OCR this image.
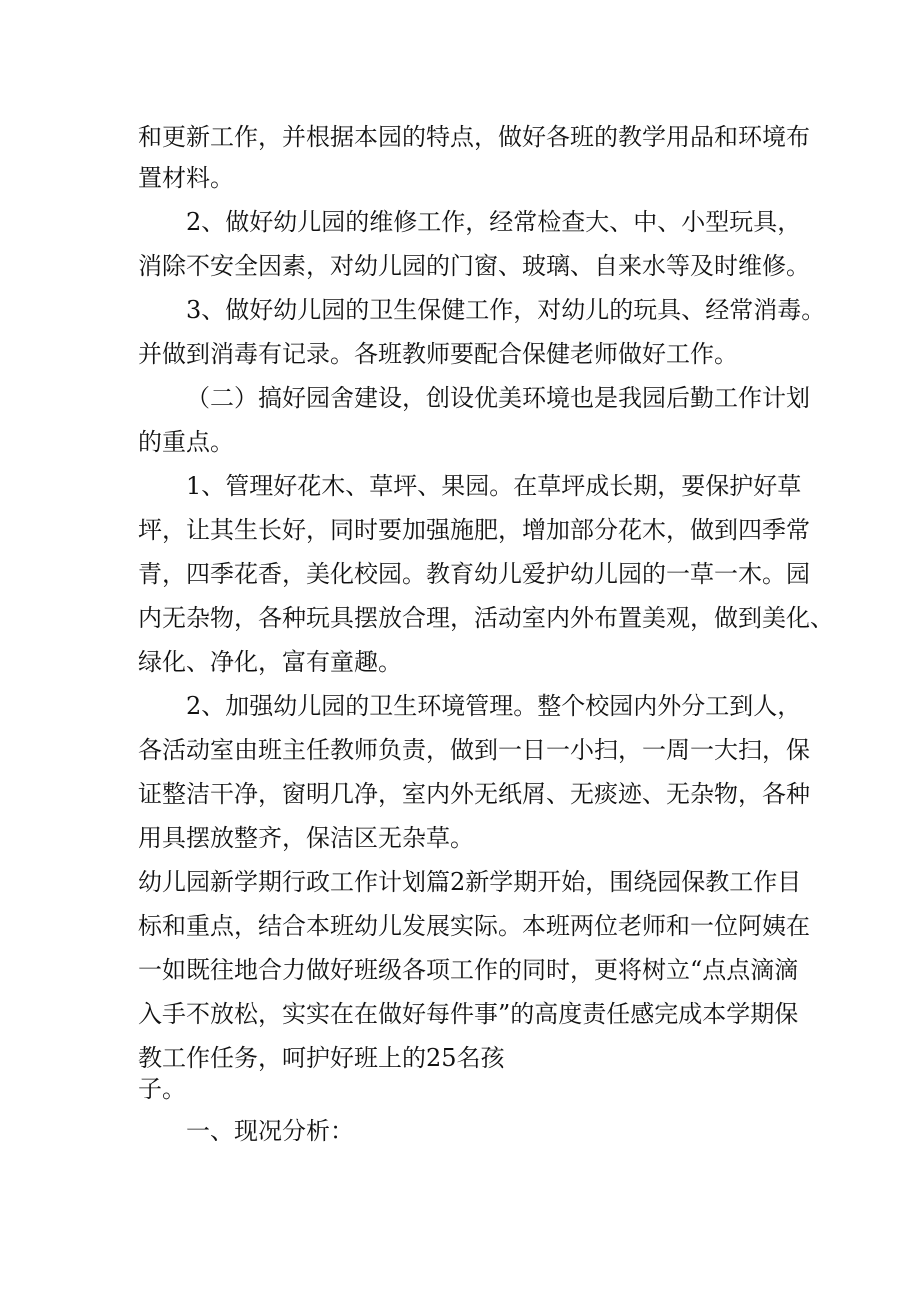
和更新工作，并根据本园的特点，做好各班的教学用品和环境布
置材料。
2、做好幼儿园的维修工作，经常检查大、中、小型玩具，
消除不安全因素，对幼儿园的门窗、玻璃、自来水等及时维修。
3、做好幼儿园的卫生保健工作，对幼儿的玩具、经常消毒。
并做到消毒有记录。各班教师要配合保健老师做好工作。
（二）搞好园舍建设，创设优美环境也是我园后勤工作计划
的重点。
1、管理好花木、草坪、果园。在草坪成长期，要保护好草
坪，让其生长好，同时要加强施肥，增加部分花木，做到四季常
青，四季花香，美化校园。教育幼儿爱护幼儿园的一草一木。园
内无杂物，各种玩具摆放合理，活动室内外布置美观，做到美化、
绿化、净化，富有童趣。
2、加强幼儿园的卫生环境管理。整个校园内外分工到人，
各活动室由班主任教师负责，做到一日一小扫，一周一大扫，保
证整洁干净，窗明几净，室内外无纸屑、无痰迹、无杂物，各种
用具摆放整齐，保洁区无杂草。
幼儿园新学期行政工作计划篇2新学期开始，围绕园保教工作目
标和重点，结合本班幼儿发展实际。本班两位老师和一位阿姨在
一如既往地合力做好班级各项工作的同时，更将树立“点点滴滴
入手不放松，实实在在做好每件事”的高度责任感完成本学期保
教工作任务，呵护好班上的25名孩
子。
一、现况分析：
